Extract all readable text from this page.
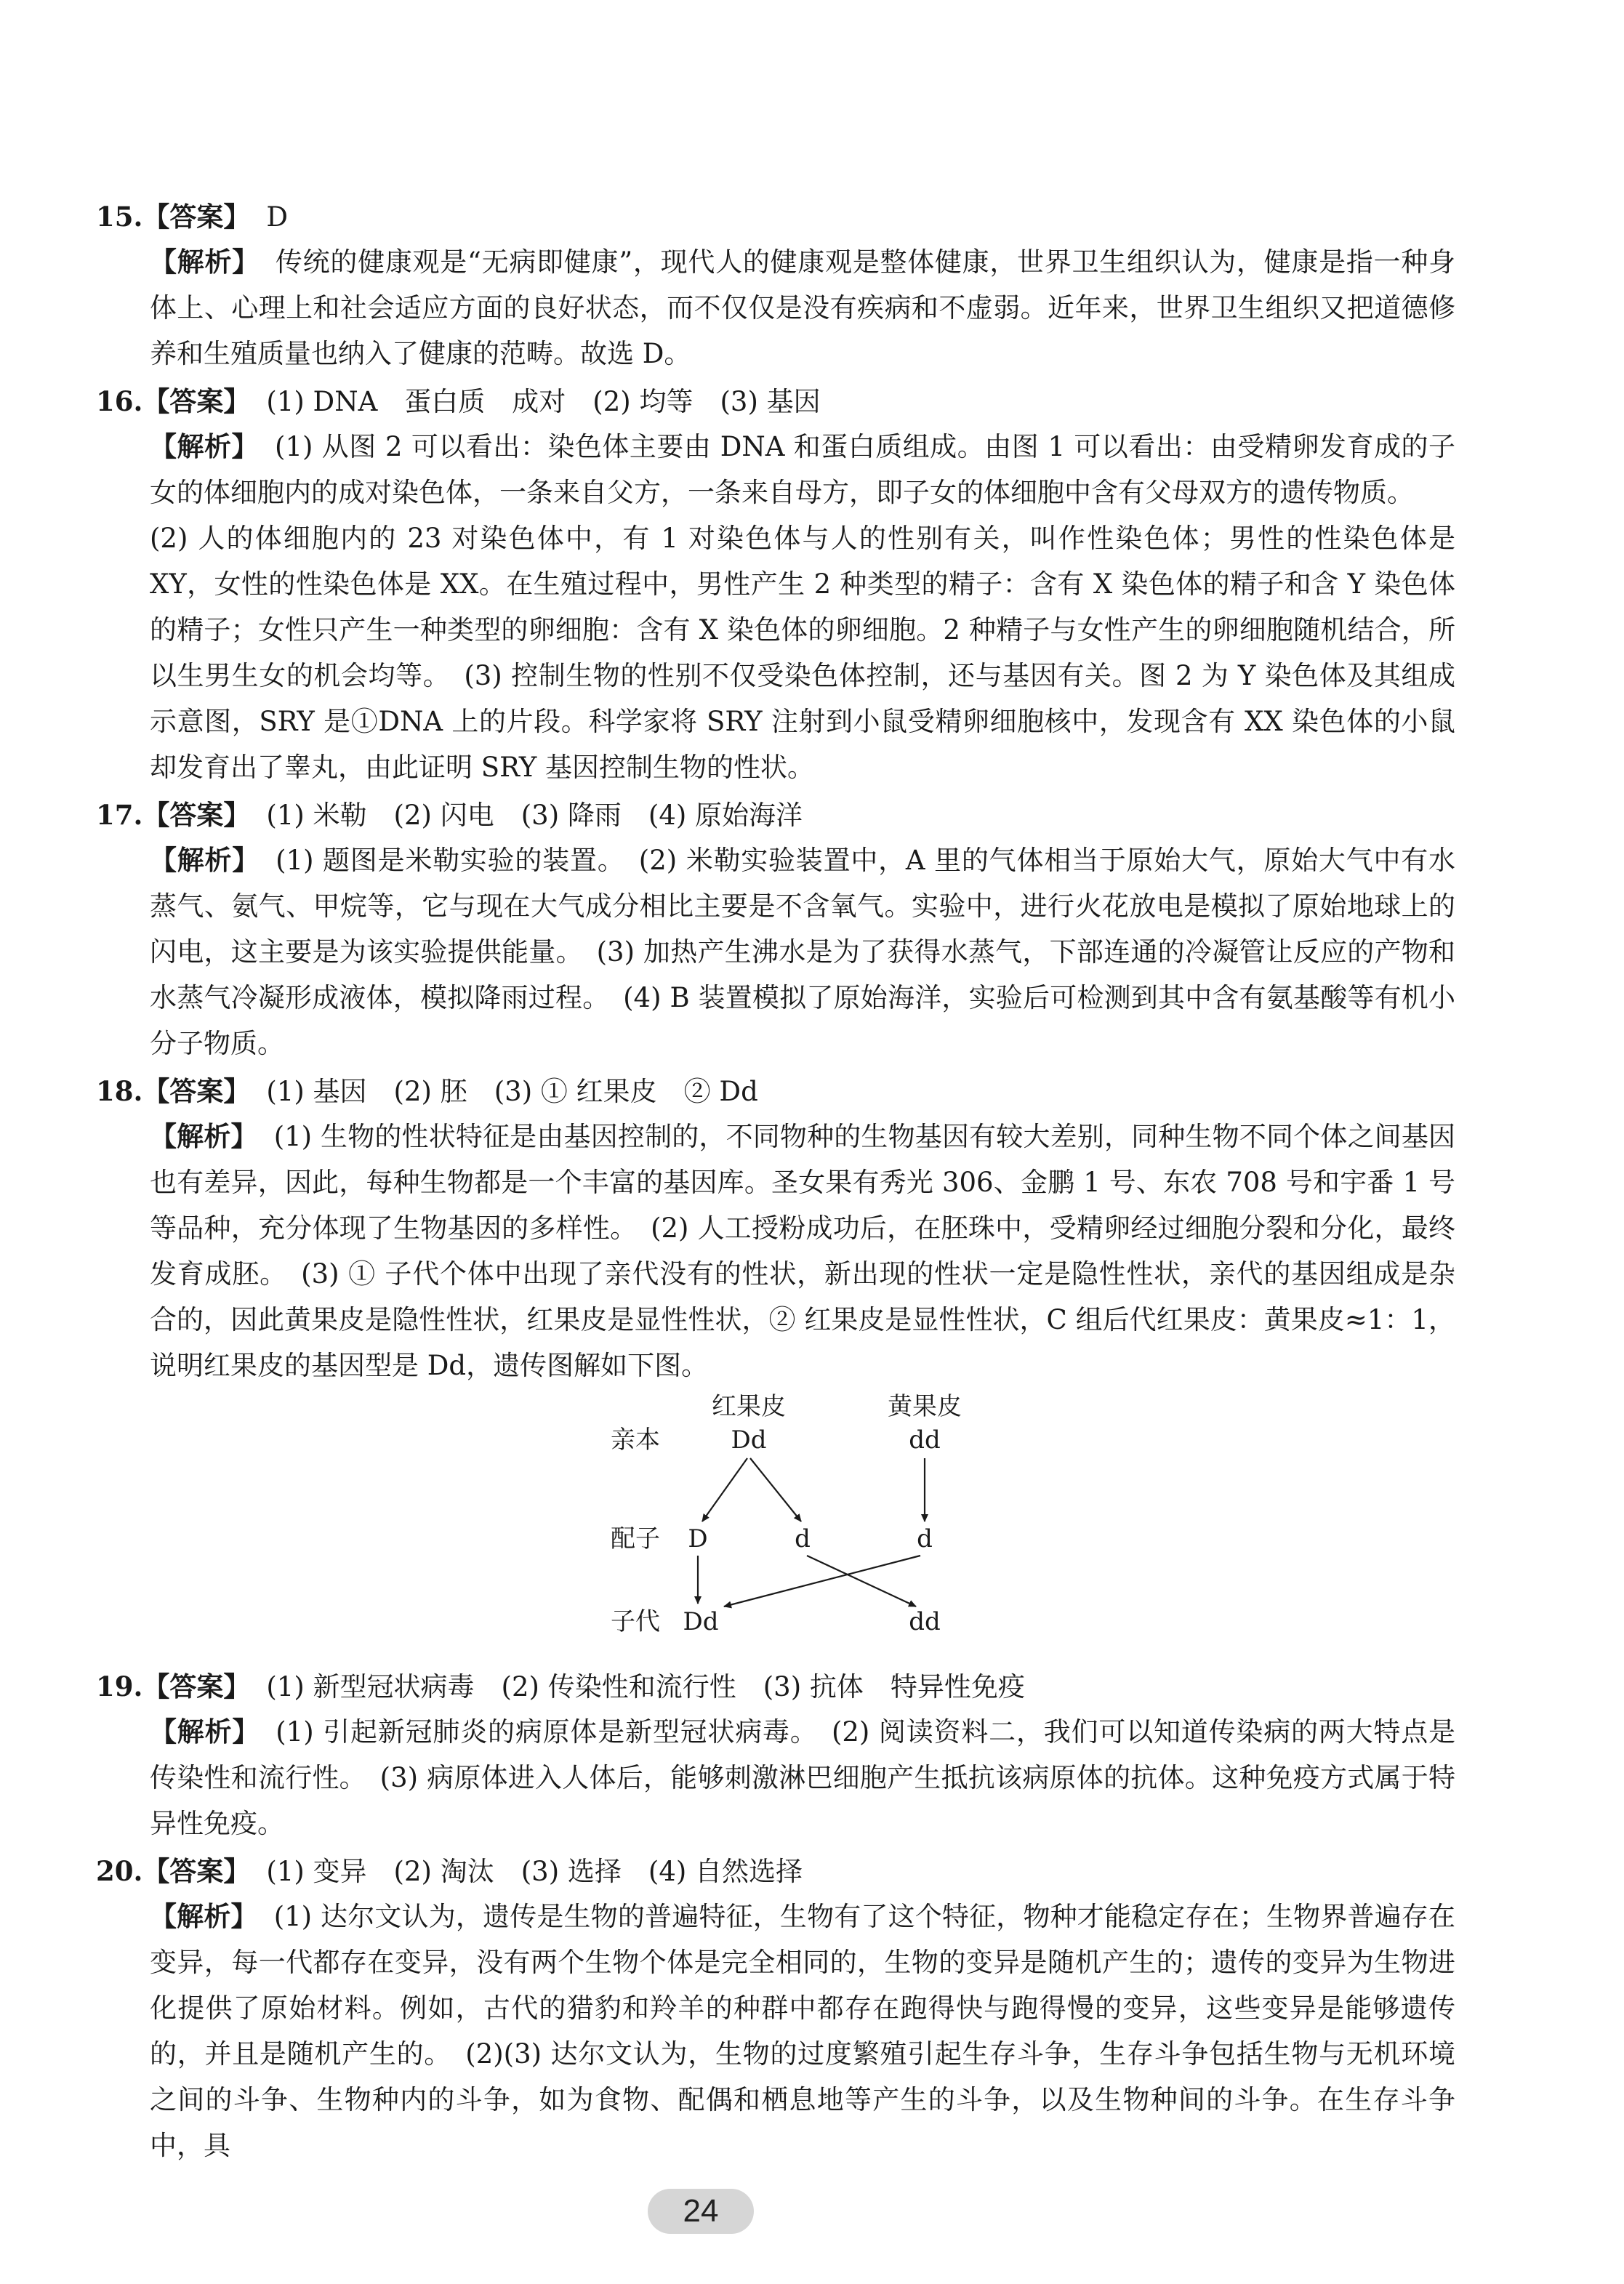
15.【答案】 D

【解析】 传统的健康观是“无病即健康”，现代人的健康观是整体健康，世界卫生组织认为，健康是指一种身体上、心理上和社会适应方面的良好状态，而不仅仅是没有疾病和不虚弱。近年来，世界卫生组织又把道德修养和生殖质量也纳入了健康的范畴。故选 D。

16.【答案】 (1) DNA　蛋白质　成对　(2) 均等　(3) 基因

【解析】 (1) 从图 2 可以看出：染色体主要由 DNA 和蛋白质组成。由图 1 可以看出：由受精卵发育成的子女的体细胞内的成对染色体，一条来自父方，一条来自母方，即子女的体细胞中含有父母双方的遗传物质。

(2) 人的体细胞内的 23 对染色体中，有 1 对染色体与人的性别有关，叫作性染色体；男性的性染色体是 XY，女性的性染色体是 XX。在生殖过程中，男性产生 2 种类型的精子：含有 X 染色体的精子和含 Y 染色体的精子；女性只产生一种类型的卵细胞：含有 X 染色体的卵细胞。2 种精子与女性产生的卵细胞随机结合，所以生男生女的机会均等。　(3) 控制生物的性别不仅受染色体控制，还与基因有关。图 2 为 Y 染色体及其组成示意图，SRY 是①DNA 上的片段。科学家将 SRY 注射到小鼠受精卵细胞核中，发现含有 XX 染色体的小鼠却发育出了睾丸，由此证明 SRY 基因控制生物的性状。

17.【答案】 (1) 米勒　(2) 闪电　(3) 降雨　(4) 原始海洋

【解析】 (1) 题图是米勒实验的装置。　(2) 米勒实验装置中，A 里的气体相当于原始大气，原始大气中有水蒸气、氨气、甲烷等，它与现在大气成分相比主要是不含氧气。实验中，进行火花放电是模拟了原始地球上的闪电，这主要是为该实验提供能量。　(3) 加热产生沸水是为了获得水蒸气，下部连通的冷凝管让反应的产物和水蒸气冷凝形成液体，模拟降雨过程。　(4) B 装置模拟了原始海洋，实验后可检测到其中含有氨基酸等有机小分子物质。

18.【答案】 (1) 基因　(2) 胚　(3) ① 红果皮　② Dd

【解析】 (1) 生物的性状特征是由基因控制的，不同物种的生物基因有较大差别，同种生物不同个体之间基因也有差异，因此，每种生物都是一个丰富的基因库。圣女果有秀光 306、金鹏 1 号、东农 708 号和宇番 1 号等品种，充分体现了生物基因的多样性。　(2) 人工授粉成功后，在胚珠中，受精卵经过细胞分裂和分化，最终发育成胚。　(3) ① 子代个体中出现了亲代没有的性状，新出现的性状一定是隐性性状，亲代的基因组成是杂合的，因此黄果皮是隐性性状，红果皮是显性性状，② 红果皮是显性性状，C 组后代红果皮：黄果皮≈1：1，说明红果皮的基因型是 Dd，遗传图解如下图。

19.【答案】 (1) 新型冠状病毒　(2) 传染性和流行性　(3) 抗体　特异性免疫

【解析】 (1) 引起新冠肺炎的病原体是新型冠状病毒。　(2) 阅读资料二，我们可以知道传染病的两大特点是传染性和流行性。　(3) 病原体进入人体后，能够刺激淋巴细胞产生抵抗该病原体的抗体。这种免疫方式属于特异性免疫。

20.【答案】 (1) 变异　(2) 淘汰　(3) 选择　(4) 自然选择

【解析】 (1) 达尔文认为，遗传是生物的普遍特征，生物有了这个特征，物种才能稳定存在；生物界普遍存在变异，每一代都存在变异，没有两个生物个体是完全相同的，生物的变异是随机产生的；遗传的变异为生物进化提供了原始材料。例如，古代的猎豹和羚羊的种群中都存在跑得快与跑得慢的变异，这些变异是能够遗传的，并且是随机产生的。　(2)(3) 达尔文认为，生物的过度繁殖引起生存斗争，生存斗争包括生物与无机环境之间的斗争、生物种内的斗争，如为食物、配偶和栖息地等产生的斗争，以及生物种间的斗争。在生存斗争中，具

亲本
配子
子代
红果皮	黄果皮
Dd	dd
D	d	d
Dd	dd
24
